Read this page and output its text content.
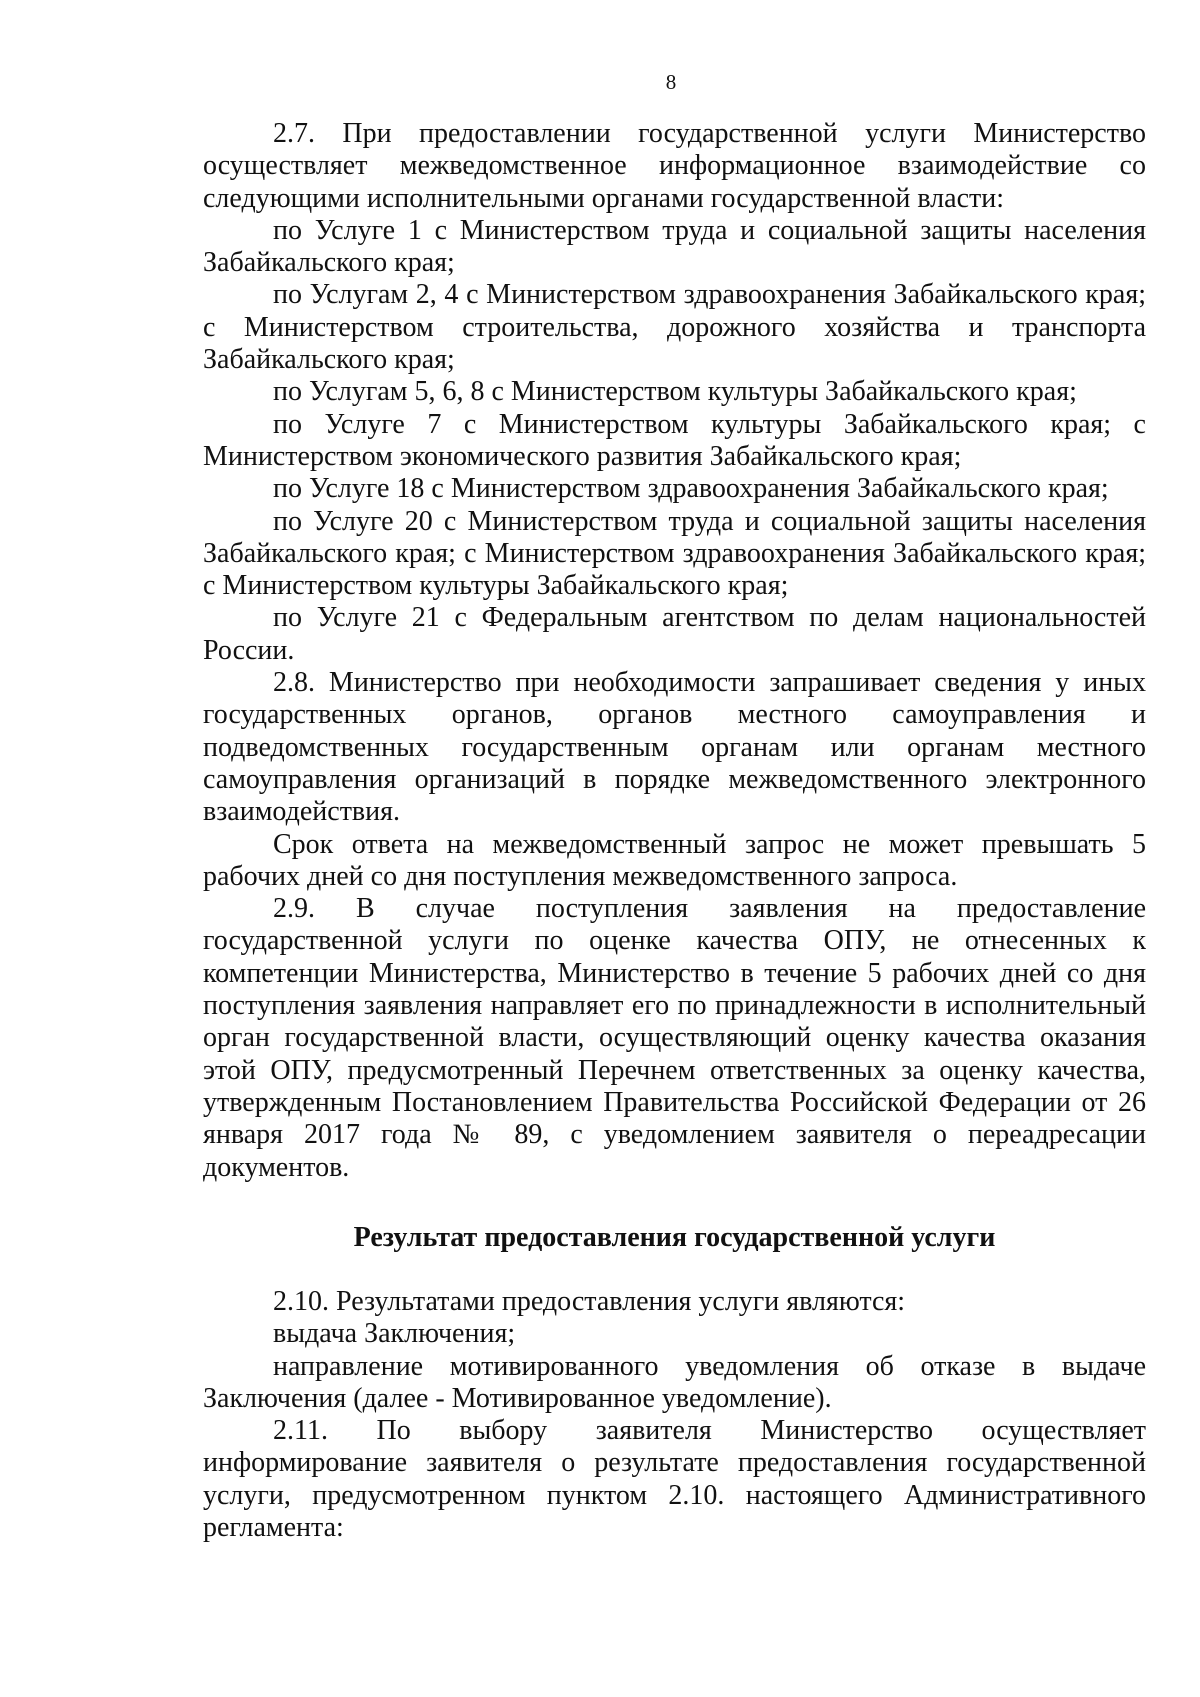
8

2.7. При предоставлении государственной услуги Министерство осуществляет межведомственное информационное взаимодействие со следующими исполнительными органами государственной власти:

по Услуге 1 с Министерством труда и социальной защиты населения Забайкальского края;

по Услугам 2, 4 с Министерством здравоохранения Забайкальского края; с Министерством строительства, дорожного хозяйства и транспорта Забайкальского края;

по Услугам 5, 6, 8 с Министерством культуры Забайкальского края;

по Услуге 7 с Министерством культуры Забайкальского края; с Министерством экономического развития Забайкальского края;

по Услуге 18 с Министерством здравоохранения Забайкальского края;

по Услуге 20 с Министерством труда и социальной защиты населения Забайкальского края; с Министерством здравоохранения Забайкальского края; с Министерством культуры Забайкальского края;

по Услуге 21 с Федеральным агентством по делам национальностей России.

2.8. Министерство при необходимости запрашивает сведения у иных государственных органов, органов местного самоуправления и подведомственных государственным органам или органам местного самоуправления организаций в порядке межведомственного электронного взаимодействия.

Срок ответа на межведомственный запрос не может превышать 5 рабочих дней со дня поступления межведомственного запроса.

2.9. В случае поступления заявления на предоставление государственной услуги по оценке качества ОПУ, не отнесенных к компетенции Министерства, Министерство в течение 5 рабочих дней со дня поступления заявления направляет его по принадлежности в исполнительный орган государственной власти, осуществляющий оценку качества оказания этой ОПУ, предусмотренный Перечнем ответственных за оценку качества, утвержденным Постановлением Правительства Российской Федерации от 26 января 2017 года № 89, с уведомлением заявителя о переадресации документов.

Результат предоставления государственной услуги

2.10. Результатами предоставления услуги являются:

выдача Заключения;

направление мотивированного уведомления об отказе в выдаче Заключения (далее - Мотивированное уведомление).

2.11. По выбору заявителя Министерство осуществляет информирование заявителя о результате предоставления государственной услуги, предусмотренном пунктом 2.10. настоящего Административного регламента:
